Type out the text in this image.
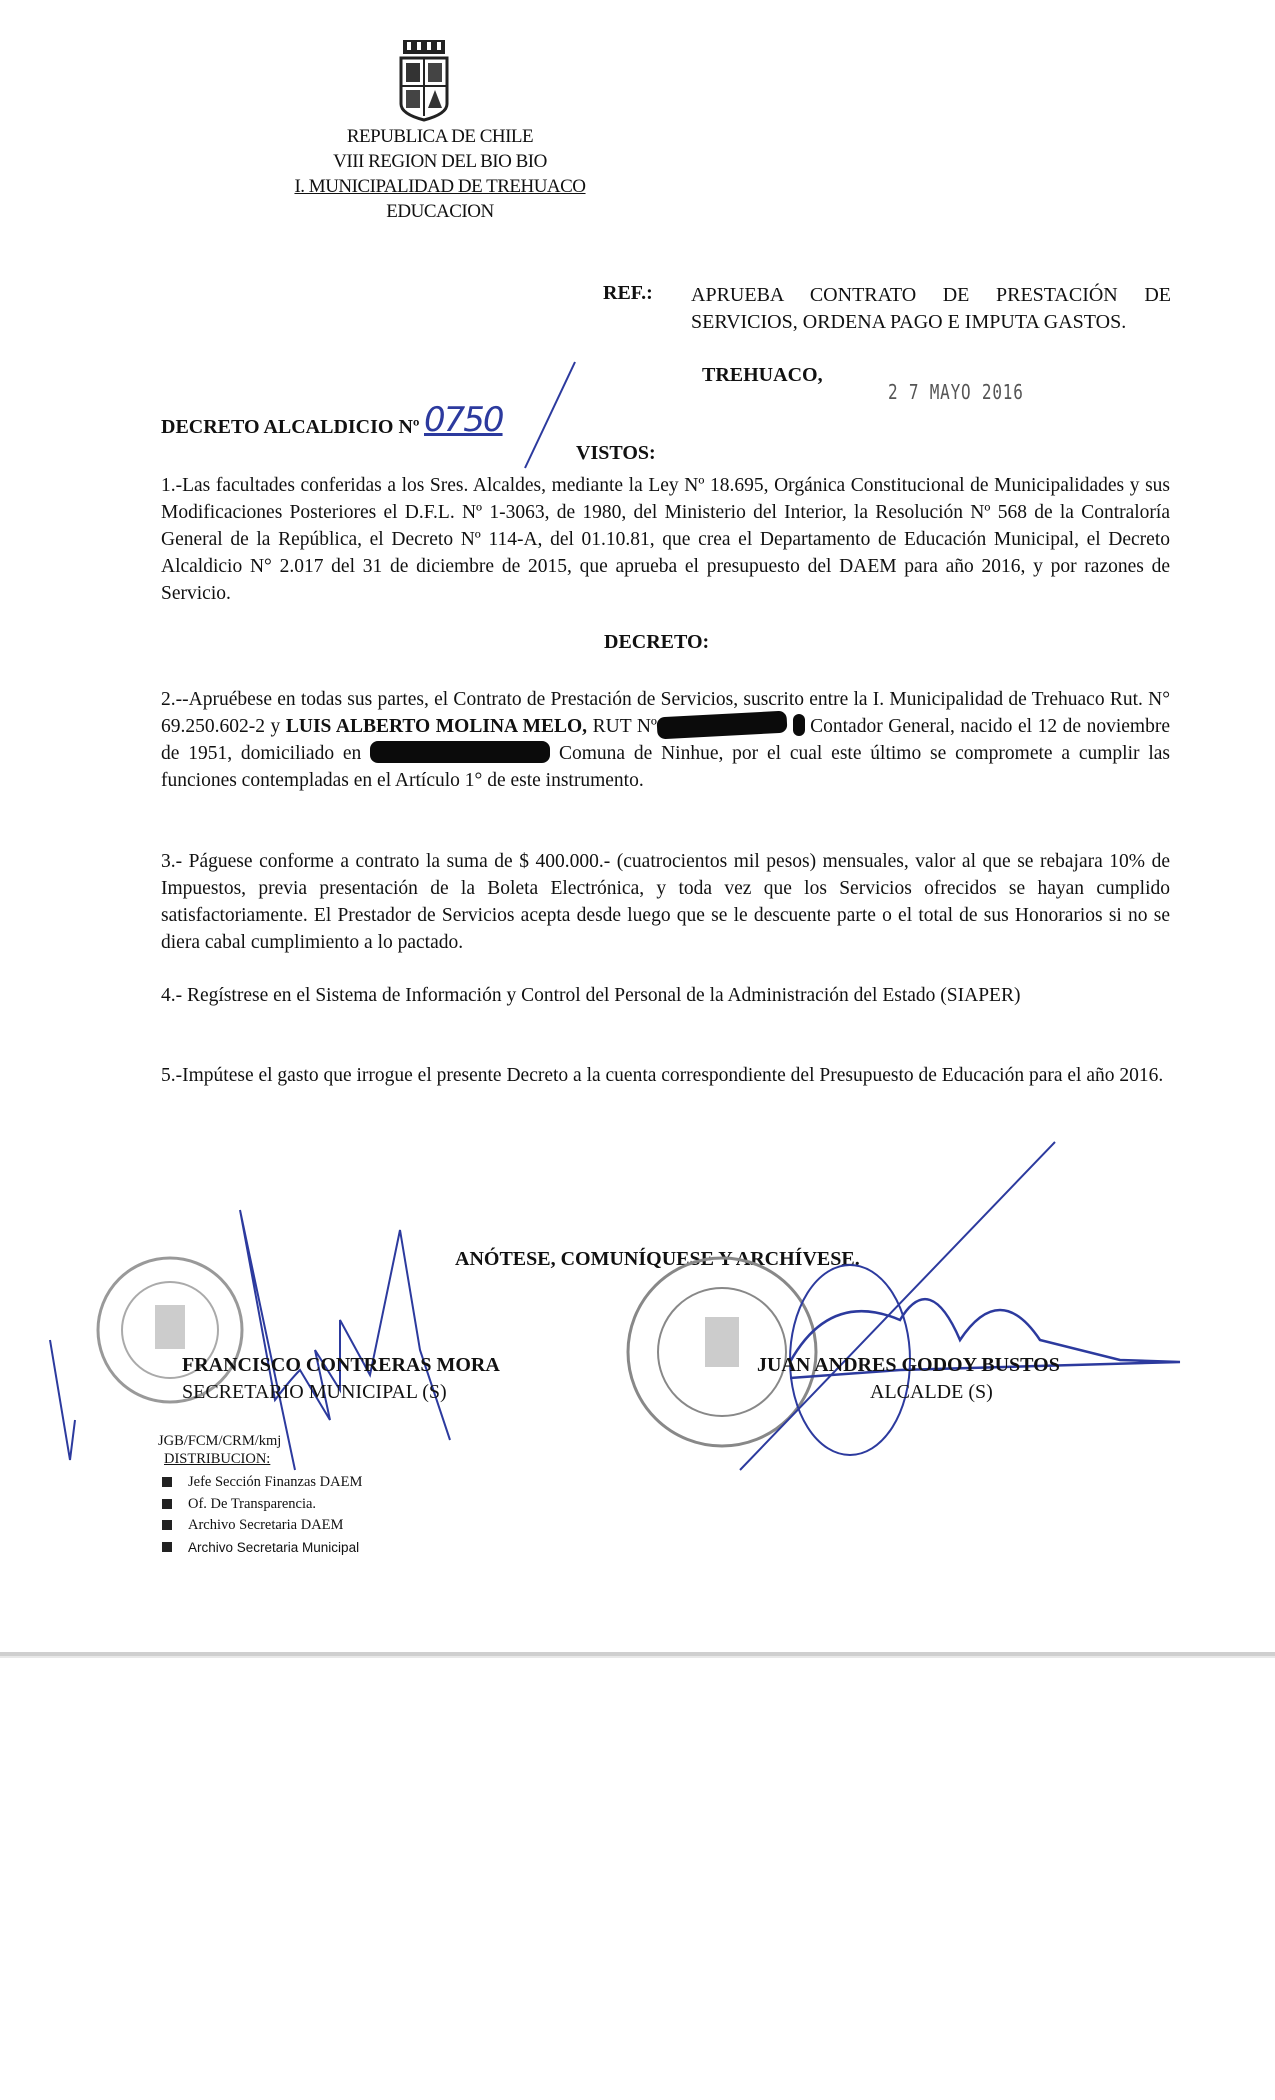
REPUBLICA DE CHILE
VIII REGION DEL BIO BIO
I. MUNICIPALIDAD DE TREHUACO
EDUCACION
REF.: APRUEBA CONTRATO DE PRESTACIÓN DE SERVICIOS, ORDENA PAGO E IMPUTA GASTOS.
TREHUACO,
2 7 MAYO 2016
DECRETO ALCALDICIO Nº 0750
VISTOS:
1.-Las facultades conferidas a los Sres. Alcaldes, mediante la Ley Nº 18.695, Orgánica Constitucional de Municipalidades y sus Modificaciones Posteriores el D.F.L. Nº 1-3063, de 1980, del Ministerio del Interior, la Resolución Nº 568 de la Contraloría General de la República, el Decreto Nº 114-A, del 01.10.81, que crea el Departamento de Educación Municipal, el Decreto Alcaldicio N° 2.017 del 31 de diciembre de 2015, que aprueba el presupuesto del DAEM para año 2016, y por razones de Servicio.
DECRETO:
2.--Apruébese en todas sus partes, el Contrato de Prestación de Servicios, suscrito entre la I. Municipalidad de Trehuaco Rut. N° 69.250.602-2 y LUIS ALBERTO MOLINA MELO, RUT Nº	Contador General, nacido el 12 de noviembre de 1951, domiciliado en	Comuna de Ninhue, por el cual este último se compromete a cumplir las funciones contempladas en el Artículo 1° de este instrumento.
3.- Páguese conforme a contrato la suma de $ 400.000.- (cuatrocientos mil pesos) mensuales, valor al que se rebajara 10% de Impuestos, previa presentación de la Boleta Electrónica, y toda vez que los Servicios ofrecidos se hayan cumplido satisfactoriamente. El Prestador de Servicios acepta desde luego que se le descuente parte o el total de sus Honorarios si no se diera cabal cumplimiento a lo pactado.
4.- Regístrese en el Sistema de Información y Control del Personal de la Administración del Estado (SIAPER)
5.-Impútese el gasto que irrogue el presente Decreto a la cuenta correspondiente del Presupuesto de Educación para el año 2016.
ANÓTESE, COMUNÍQUESE Y ARCHÍVESE.
FRANCISCO CONTRERAS MORA
SECRETARIO MUNICIPAL (S)
JUAN ANDRES GODOY BUSTOS
ALCALDE (S)
JGB/FCM/CRM/kmj
DISTRIBUCION:
Jefe Sección Finanzas DAEM
Of. De Transparencia.
Archivo Secretaria DAEM
Archivo Secretaria Municipal
